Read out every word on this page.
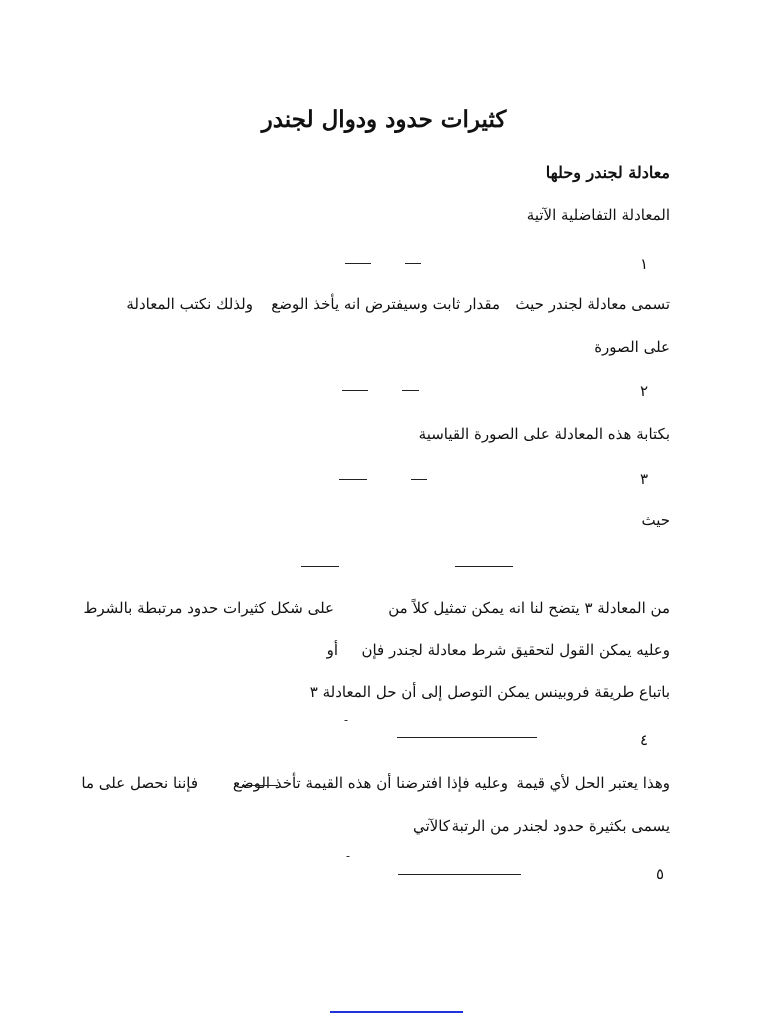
كثيرات حدود ودوال لجندر
معادلة لجندر وحلها
المعادلة التفاضلية الآتية
١
تسمى معادلة لجندر حيث
مقدار ثابت وسيفترض انه يأخذ الوضع
ولذلك نكتب المعادلة
على الصورة
٢
بكتابة هذه المعادلة على الصورة القياسية
٣
حيث
من المعادلة ٣ يتضح لنا انه يمكن تمثيل كلاً من
على شكل كثيرات حدود مرتبطة بالشرط
وعليه يمكن القول لتحقيق شرط معادلة لجندر فإن
أو
باتباع طريقة فروبينس يمكن التوصل إلى أن حل المعادلة ٣
-
٤
وهذا يعتبر الحل لأي قيمة
وعليه فإذا افترضنا أن هذه القيمة تأخذ الوضع
فإننا نحصل على ما
يسمى بكثيرة حدود لجندر من الرتبة
كالآتي
-
٥
